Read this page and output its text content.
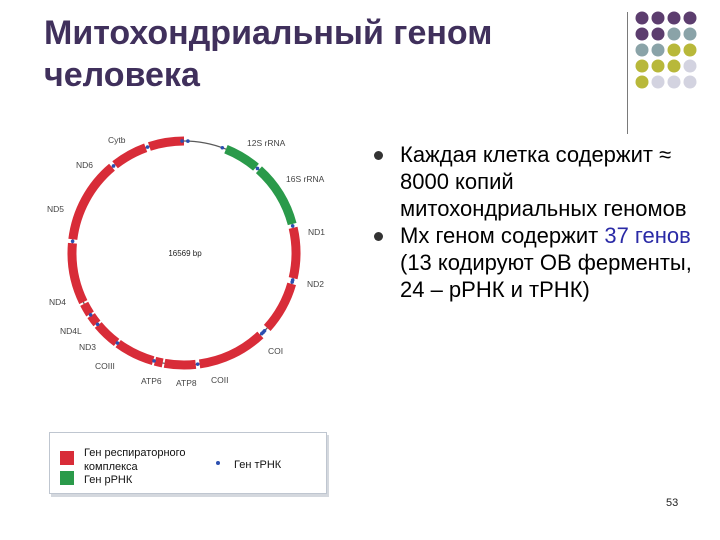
Митохондриальный геном
человека
16569 bp
Cytb	12S rRNA
16S rRNA
ND1
ND2
COI
COII
ATP8
ATP6
COIII
ND3
ND4L
ND4
ND5
ND6	Каждая клетка содержит ≈ 8000 копий митохондриальных геномов
Мх геном содержит 37 генов (13 кодируют ОВ ферменты, 24 – рРНК и тРНК)
Ген респираторного
комплекса
Ген рРНК
Ген тРНК
53
